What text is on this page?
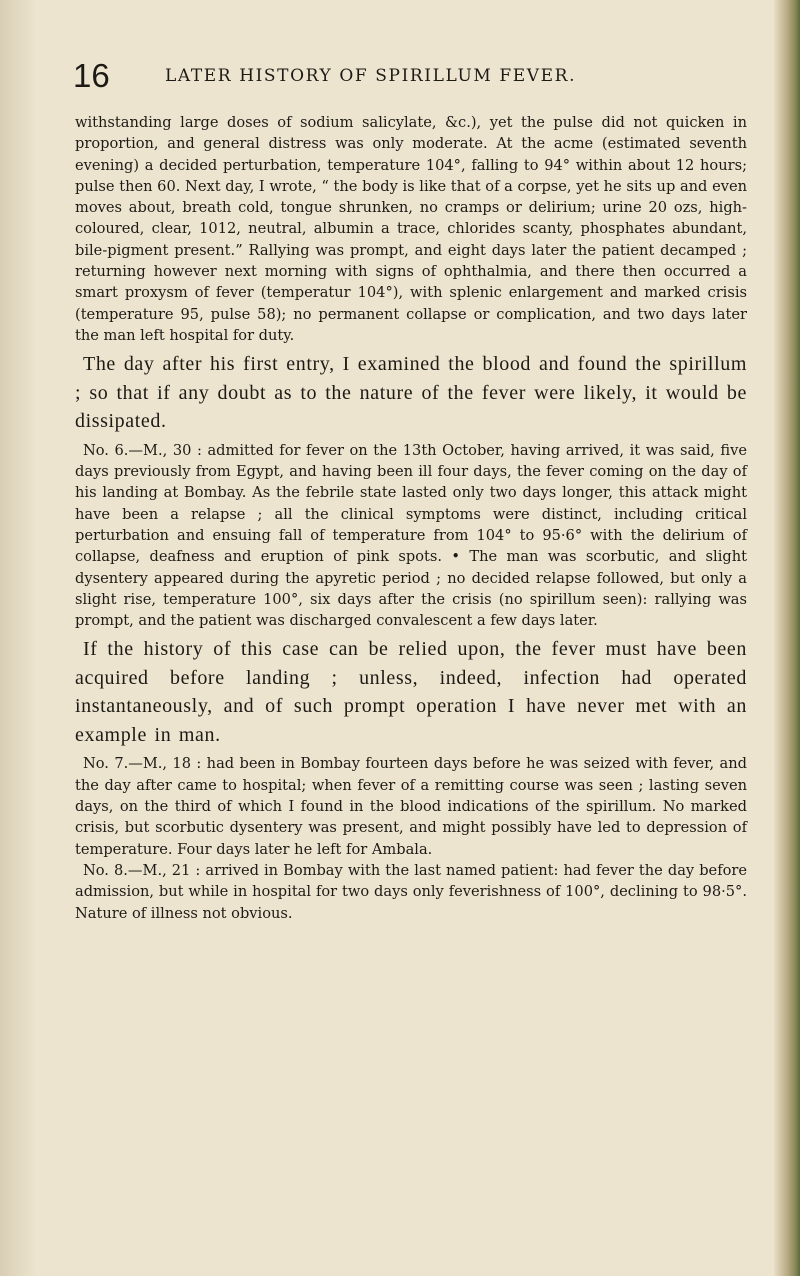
16	LATER HISTORY OF SPIRILLUM FEVER.

withstanding large doses of sodium salicylate, &c.), yet the pulse did not quicken in proportion, and general distress was only moderate. At the acme (estimated seventh evening) a decided perturbation, temperature 104°, falling to 94° within about 12 hours; pulse then 60. Next day, I wrote, “ the body is like that of a corpse, yet he sits up and even moves about, breath cold, tongue shrunken, no cramps or delirium; urine 20 ozs, high-coloured, clear, 1012, neutral, albumin a trace, chlorides scanty, phosphates abundant, bile-pigment present.” Rallying was prompt, and eight days later the patient decamped ; returning however next morning with signs of ophthalmia, and there then occurred a smart proxysm of fever (temperatur 104°), with splenic enlargement and marked crisis (temperature 95, pulse 58); no permanent collapse or complication, and two days later the man left hospital for duty.

The day after his first entry, I examined the blood and found the spirillum ; so that if any doubt as to the nature of the fever were likely, it would be dissipated.

No. 6.—M., 30 : admitted for fever on the 13th October, having arrived, it was said, five days previously from Egypt, and having been ill four days, the fever coming on the day of his landing at Bombay. As the febrile state lasted only two days longer, this attack might have been a relapse ; all the clinical symptoms were distinct, including critical perturbation and ensuing fall of temperature from 104° to 95·6° with the delirium of collapse, deafness and eruption of pink spots. • The man was scorbutic, and slight dysentery appeared during the apyretic period ; no decided relapse followed, but only a slight rise, temperature 100°, six days after the crisis (no spirillum seen): rallying was prompt, and the patient was discharged convalescent a few days later.

If the history of this case can be relied upon, the fever must have been acquired before landing ; unless, indeed, infection had operated instantaneously, and of such prompt operation I have never met with an example in man.

No. 7.—M., 18 : had been in Bombay fourteen days before he was seized with fever, and the day after came to hospital; when fever of a remitting course was seen ; lasting seven days, on the third of which I found in the blood indications of the spirillum. No marked crisis, but scorbutic dysentery was present, and might possibly have led to depression of temperature. Four days later he left for Ambala.

No. 8.—M., 21 : arrived in Bombay with the last named patient: had fever the day before admission, but while in hospital for two days only feverishness of 100°, declining to 98·5°. Nature of illness not obvious.
